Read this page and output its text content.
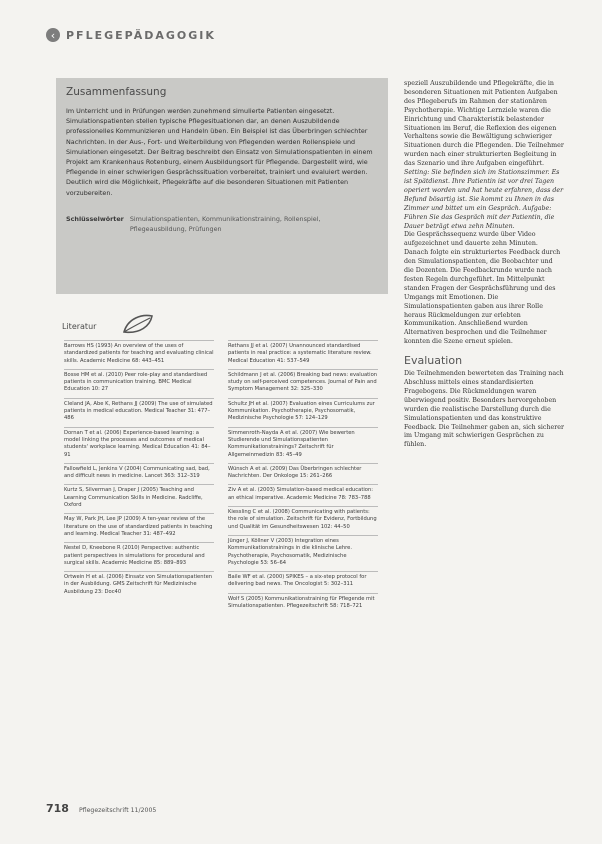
‹ PFLEGEPÄDAGOGIK
Zusammenfassung

Im Unterricht und in Prüfungen werden zunehmend simulierte Patienten eingesetzt. Simulationspatienten stellen typische Pflegesituationen dar, an denen Auszubildende professionelles Kommunizieren und Handeln üben. Ein Beispiel ist das Überbringen schlechter Nachrichten. In der Aus-, Fort- und Weiterbildung von Pflegenden werden Rollenspiele und Simulationen eingesetzt. Der Beitrag beschreibt den Einsatz von Simulationspatienten in einem Projekt am Krankenhaus Rotenburg, einem Ausbildungsort für Pflegende. Dargestellt wird, wie Pflegende in einer schwierigen Gesprächssituation vorbereitet, trainiert und evaluiert werden. Deutlich wird die Möglichkeit, Pflegekräfte auf die besonderen Situationen mit Patienten vorzubereiten.

Schlüsselwörter Simulationspatienten, Kommunikationstraining, Rollenspiel, Pflegeausbildung, Prüfungen
Literatur
Barrows HS (1993) An overview of the uses of standardized patients for teaching and evaluating clinical skills. Academic Medicine 68: 443–451
Bosse HM et al. (2010) Peer role-play and standardised patients in communication training. BMC Medical Education 10: 27
Cleland JA, Abe K, Rethans JJ (2009) The use of simulated patients in medical education. Medical Teacher 31: 477–486
Dornan T et al. (2006) Experience-based learning: a model linking the processes and outcomes of medical students' workplace learning. Medical Education 41: 84–91
Fallowfield L, Jenkins V (2004) Communicating sad, bad, and difficult news in medicine. Lancet 363: 312–319
Kurtz S, Silverman J, Draper J (2005) Teaching and Learning Communication Skills in Medicine. Radcliffe, Oxford
May W, Park JH, Lee JP (2009) A ten-year review of the literature on the use of standardized patients in teaching and learning. Medical Teacher 31: 487–492
Nestel D, Kneebone R (2010) Perspective: authentic patient perspectives in simulations for procedural and surgical skills. Academic Medicine 85: 889–893
Ortwein H et al. (2006) Einsatz von Simulationspatienten in der Ausbildung. GMS Zeitschrift für Medizinische Ausbildung 23: Doc40
Rethans JJ et al. (2007) Unannounced standardised patients in real practice: a systematic literature review. Medical Education 41: 537–549
Schildmann J et al. (2006) Breaking bad news: evaluation study on self-perceived competences. Journal of Pain and Symptom Management 32: 325–330
Schultz JH et al. (2007) Evaluation eines Curriculums zur Kommunikation. Psychotherapie, Psychosomatik, Medizinische Psychologie 57: 124–129
Simmenroth-Nayda A et al. (2007) Wie bewerten Studierende und Simulationspatienten Kommunikationstrainings? Zeitschrift für Allgemeinmedizin 83: 45–49
Wünsch A et al. (2009) Das Überbringen schlechter Nachrichten. Der Onkologe 15: 261–266
Ziv A et al. (2003) Simulation-based medical education: an ethical imperative. Academic Medicine 78: 783–788
Kiessling C et al. (2008) Communicating with patients: the role of simulation. Zeitschrift für Evidenz, Fortbildung und Qualität im Gesundheitswesen 102: 44–50
Jünger J, Köllner V (2003) Integration eines Kommunikationstrainings in die klinische Lehre. Psychotherapie, Psychosomatik, Medizinische Psychologie 53: 56–64
Baile WF et al. (2000) SPIKES – a six-step protocol for delivering bad news. The Oncologist 5: 302–311
Wolf S (2005) Kommunikationstraining für Pflegende mit Simulationspatienten. Pflegezeitschrift 58: 718–721

speziell Auszubildende und Pflegekräfte, die in besonderen Situationen mit Patienten Aufgaben des Pflegeberufs im Rahmen der stationären Psychotherapie. Wichtige Lernziele waren die Einrichtung und Charakteristik belastender Situationen im Beruf, die Reflexion des eigenen Verhaltens sowie die Bewältigung schwieriger Situationen durch die Pflegenden. Die Teilnehmer wurden nach einer strukturierten Begleitung in das Szenario und ihre Aufgaben eingeführt.

Setting: Sie befinden sich im Stationszimmer. Es ist Spätdienst. Ihre Patientin ist vor drei Tagen operiert worden und hat heute erfahren, dass der Befund bösartig ist. Sie kommt zu Ihnen in das Zimmer und bittet um ein Gespräch. Aufgabe: Führen Sie das Gespräch mit der Patientin, die Dauer beträgt etwa zehn Minuten.

Die Gesprächssequenz wurde über Video aufgezeichnet und dauerte zehn Minuten. Danach folgte ein strukturiertes Feedback durch den Simulationspatienten, die Beobachter und die Dozenten. Die Feedbackrunde wurde nach festen Regeln durchgeführt. Im Mittelpunkt standen Fragen der Gesprächsführung und des Umgangs mit Emotionen. Die Simulationspatienten gaben aus ihrer Rolle heraus Rückmeldungen zur erlebten Kommunikation. Anschließend wurden Alternativen besprochen und die Teilnehmer konnten die Szene erneut spielen.

Evaluation

Die Teilnehmenden bewerteten das Training nach Abschluss mittels eines standardisierten Fragebogens. Die Rückmeldungen waren überwiegend positiv. Besonders hervorgehoben wurden die realistische Darstellung durch die Simulationspatienten und das konstruktive Feedback. Die Teilnehmer gaben an, sich sicherer im Umgang mit schwierigen Gesprächen zu fühlen.

718 Pflegezeitschrift 11/2005
